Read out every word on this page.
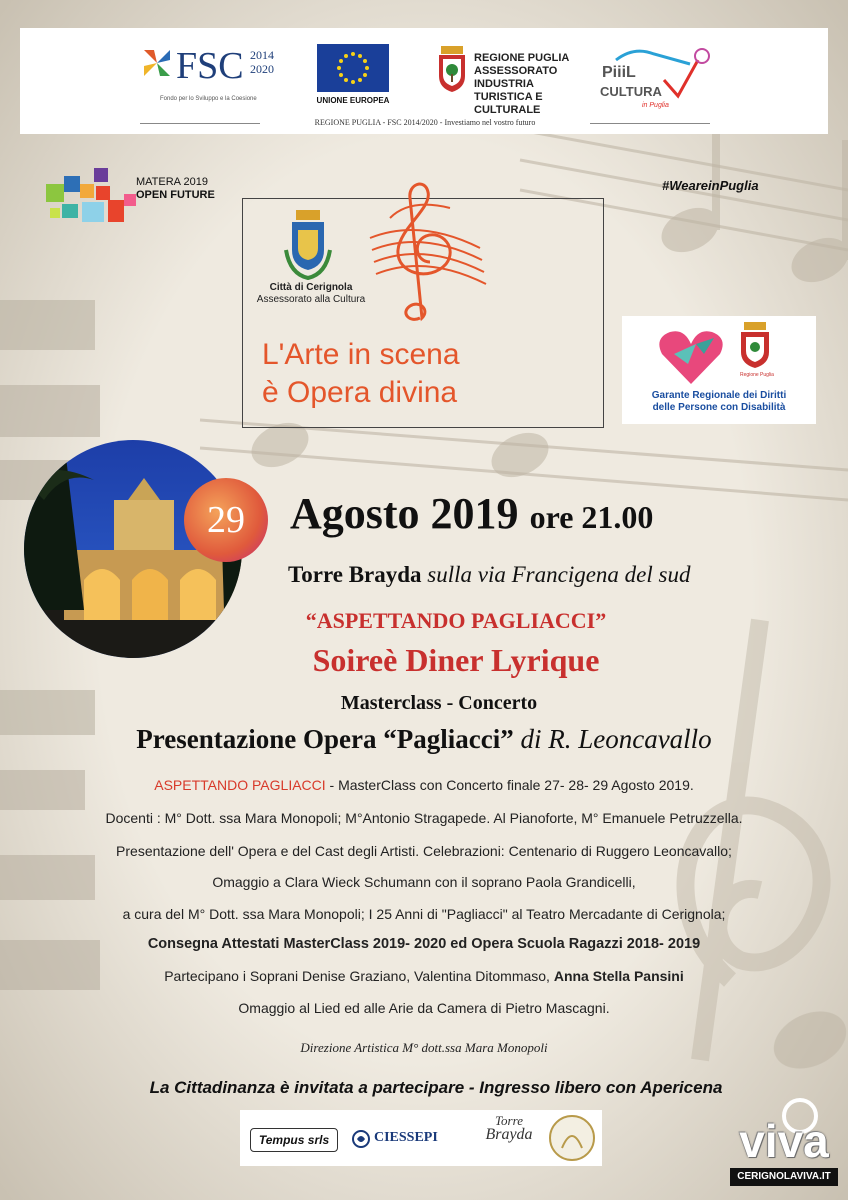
FSC 2014
2020
Fondo per lo Sviluppo e la Coesione	UNIONE EUROPEA
REGIONE PUGLIA
ASSESSORATO INDUSTRIA
TURISTICA E CULTURALE
PiiiL
CULTURA
in Puglia
REGIONE PUGLIA - FSC 2014/2020 - Investiamo nel vostro futuro
MATERA 2019
OPEN FUTURE
#WeareinPuglia
Città di Cerignola
Assessorato alla Cultura
L'Arte in scena
è Opera divina
Regione Puglia
Garante Regionale dei Diritti
delle Persone con Disabilità
29	Agosto 2019 ore 21.00
Torre Brayda sulla via Francigena del sud
“ASPETTANDO PAGLIACCI”
Soireè Diner Lyrique
Masterclass - Concerto
Presentazione Opera “Pagliacci” di R. Leoncavallo
ASPETTANDO PAGLIACCI - MasterClass con Concerto finale 27- 28- 29 Agosto 2019.
Docenti : M° Dott. ssa Mara Monopoli; M°Antonio Stragapede. Al Pianoforte, M° Emanuele Petruzzella.
Presentazione dell' Opera e del Cast degli Artisti. Celebrazioni: Centenario di Ruggero Leoncavallo;
Omaggio a Clara Wieck Schumann con il soprano Paola Grandicelli,
a cura del M° Dott. ssa Mara Monopoli; I 25 Anni di "Pagliacci" al Teatro Mercadante di Cerignola;
Consegna Attestati MasterClass 2019- 2020 ed Opera Scuola Ragazzi 2018- 2019
Partecipano i Soprani Denise Graziano, Valentina Ditommaso, Anna Stella Pansini
Omaggio al Lied ed alle Arie da Camera di Pietro Mascagni.
Direzione Artistica M° dott.ssa Mara Monopoli
La Cittadinanza è invitata a partecipare - Ingresso libero con Apericena
Tempus srls	CIESSEPI
Torre
Brayda	viva
CERIGNOLAVIVA.IT
